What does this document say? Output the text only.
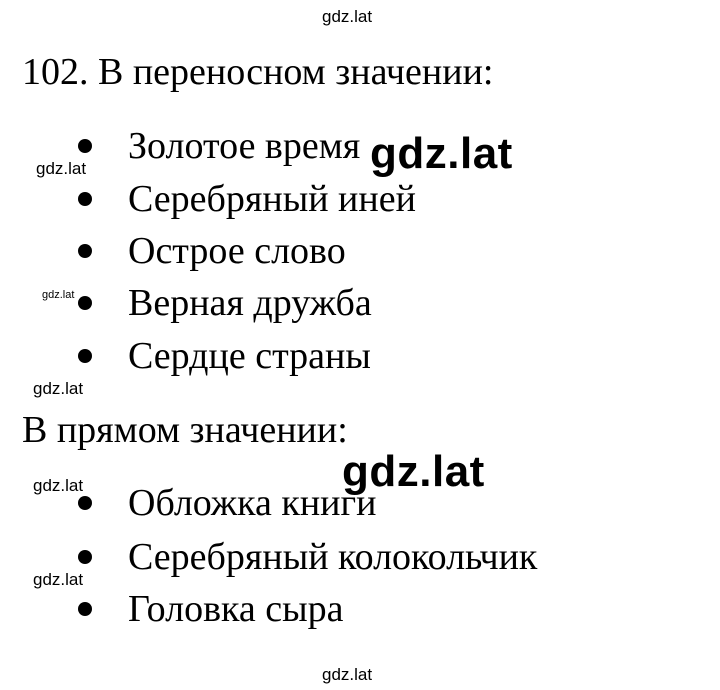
gdz.lat
102. В переносном значении:
Золотое время
Серебряный иней
Острое слово
Верная дружба
Сердце страны
В прямом значении:
Обложка книги
Серебряный колокольчик
Головка сыра
gdz.lat
gdz.lat
gdz.lat
gdz.lat
gdz.lat
gdz.lat
gdz.lat
gdz.lat
